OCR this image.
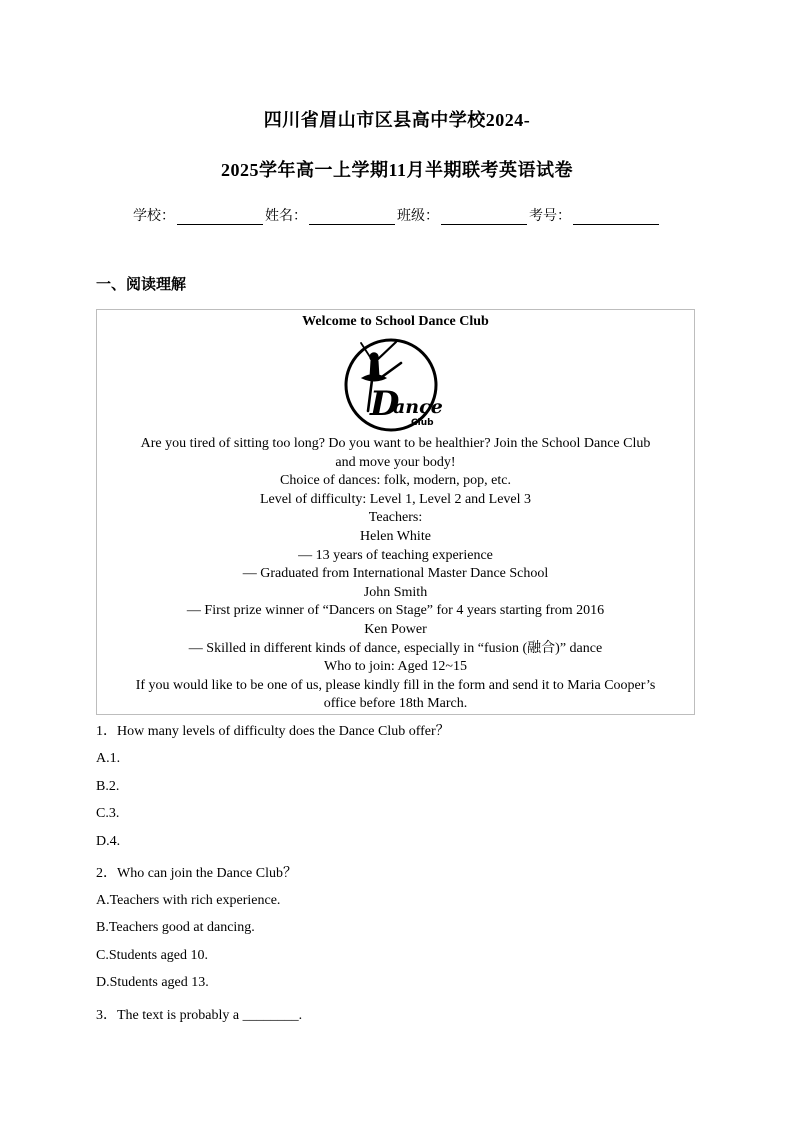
四川省眉山市区县高中学校2024-
2025学年高一上学期11月半期联考英语试卷
学校：	姓名：	班级：	考号：
一、阅读理解
Welcome to School Dance Club
D
ance
Club
Are you tired of sitting too long? Do you want to be healthier? Join the School Dance Club
and move your body!
Choice of dances: folk, modern, pop, etc.
Level of difficulty: Level 1, Level 2 and Level 3
Teachers:
Helen White
— 13 years of teaching experience
— Graduated from International Master Dance School
John Smith
— First prize winner of “Dancers on Stage” for 4 years starting from 2016
Ken Power
— Skilled in different kinds of dance, especially in “fusion (融合)” dance
Who to join: Aged 12~15
If you would like to be one of us, please kindly fill in the form and send it to Maria Cooper’s
office before 18th March.
1．How many levels of difficulty does the Dance Club offer？
A.1.
B.2.
C.3.
D.4.
2．Who can join the Dance Club？
A.Teachers with rich experience.
B.Teachers good at dancing.
C.Students aged 10.
D.Students aged 13.
3．The text is probably a ________.
